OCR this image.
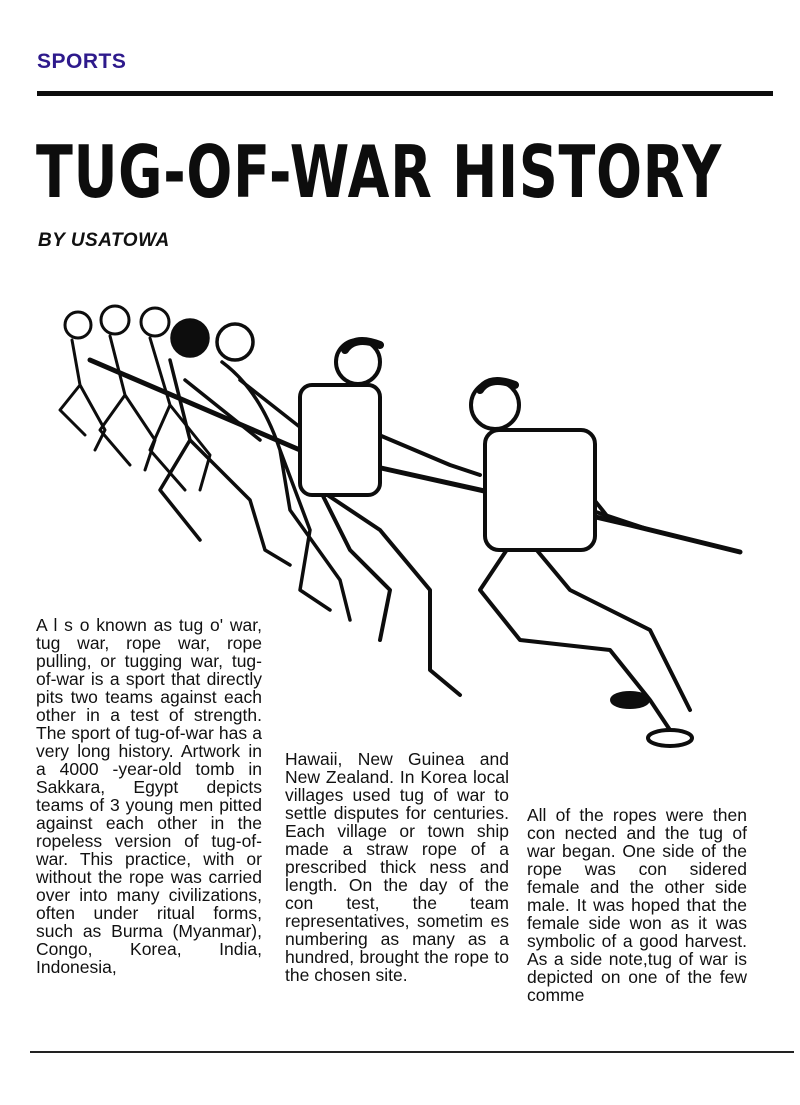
SPORTS
TUG-OF-WAR HISTORY

BY USATOWA

A l s o known as tug o' war, tug war, rope war, rope pulling, or tugging war, tug-of-war is a sport that directly pits two teams against each other in a test of strength. The sport of tug-of-war has a very long history. Artwork in a 4000 -year-old tomb in Sakkara, Egypt depicts teams of 3 young men pitted against each other in the ropeless version of tug-of-war. This practice, with or without the rope was carried over into many civilizations, often under ritual forms, such as Burma (Myanmar), Congo, Korea, India, Indonesia,

Hawaii, New Guinea and New Zealand. In Korea local villages used tug of war to settle disputes for centuries. Each village or town ship made a straw rope of a prescribed thick ness and length. On the day of the con test, the team representatives, sometim es numbering as many as a hundred, brought the rope to the chosen site.

All of the ropes were then con nected and the tug of war began. One side of the rope was con sidered female and the other side male. It was hoped that the female side won as it was symbolic of a good harvest. As a side note,tug of war is depicted on one of the few comme
